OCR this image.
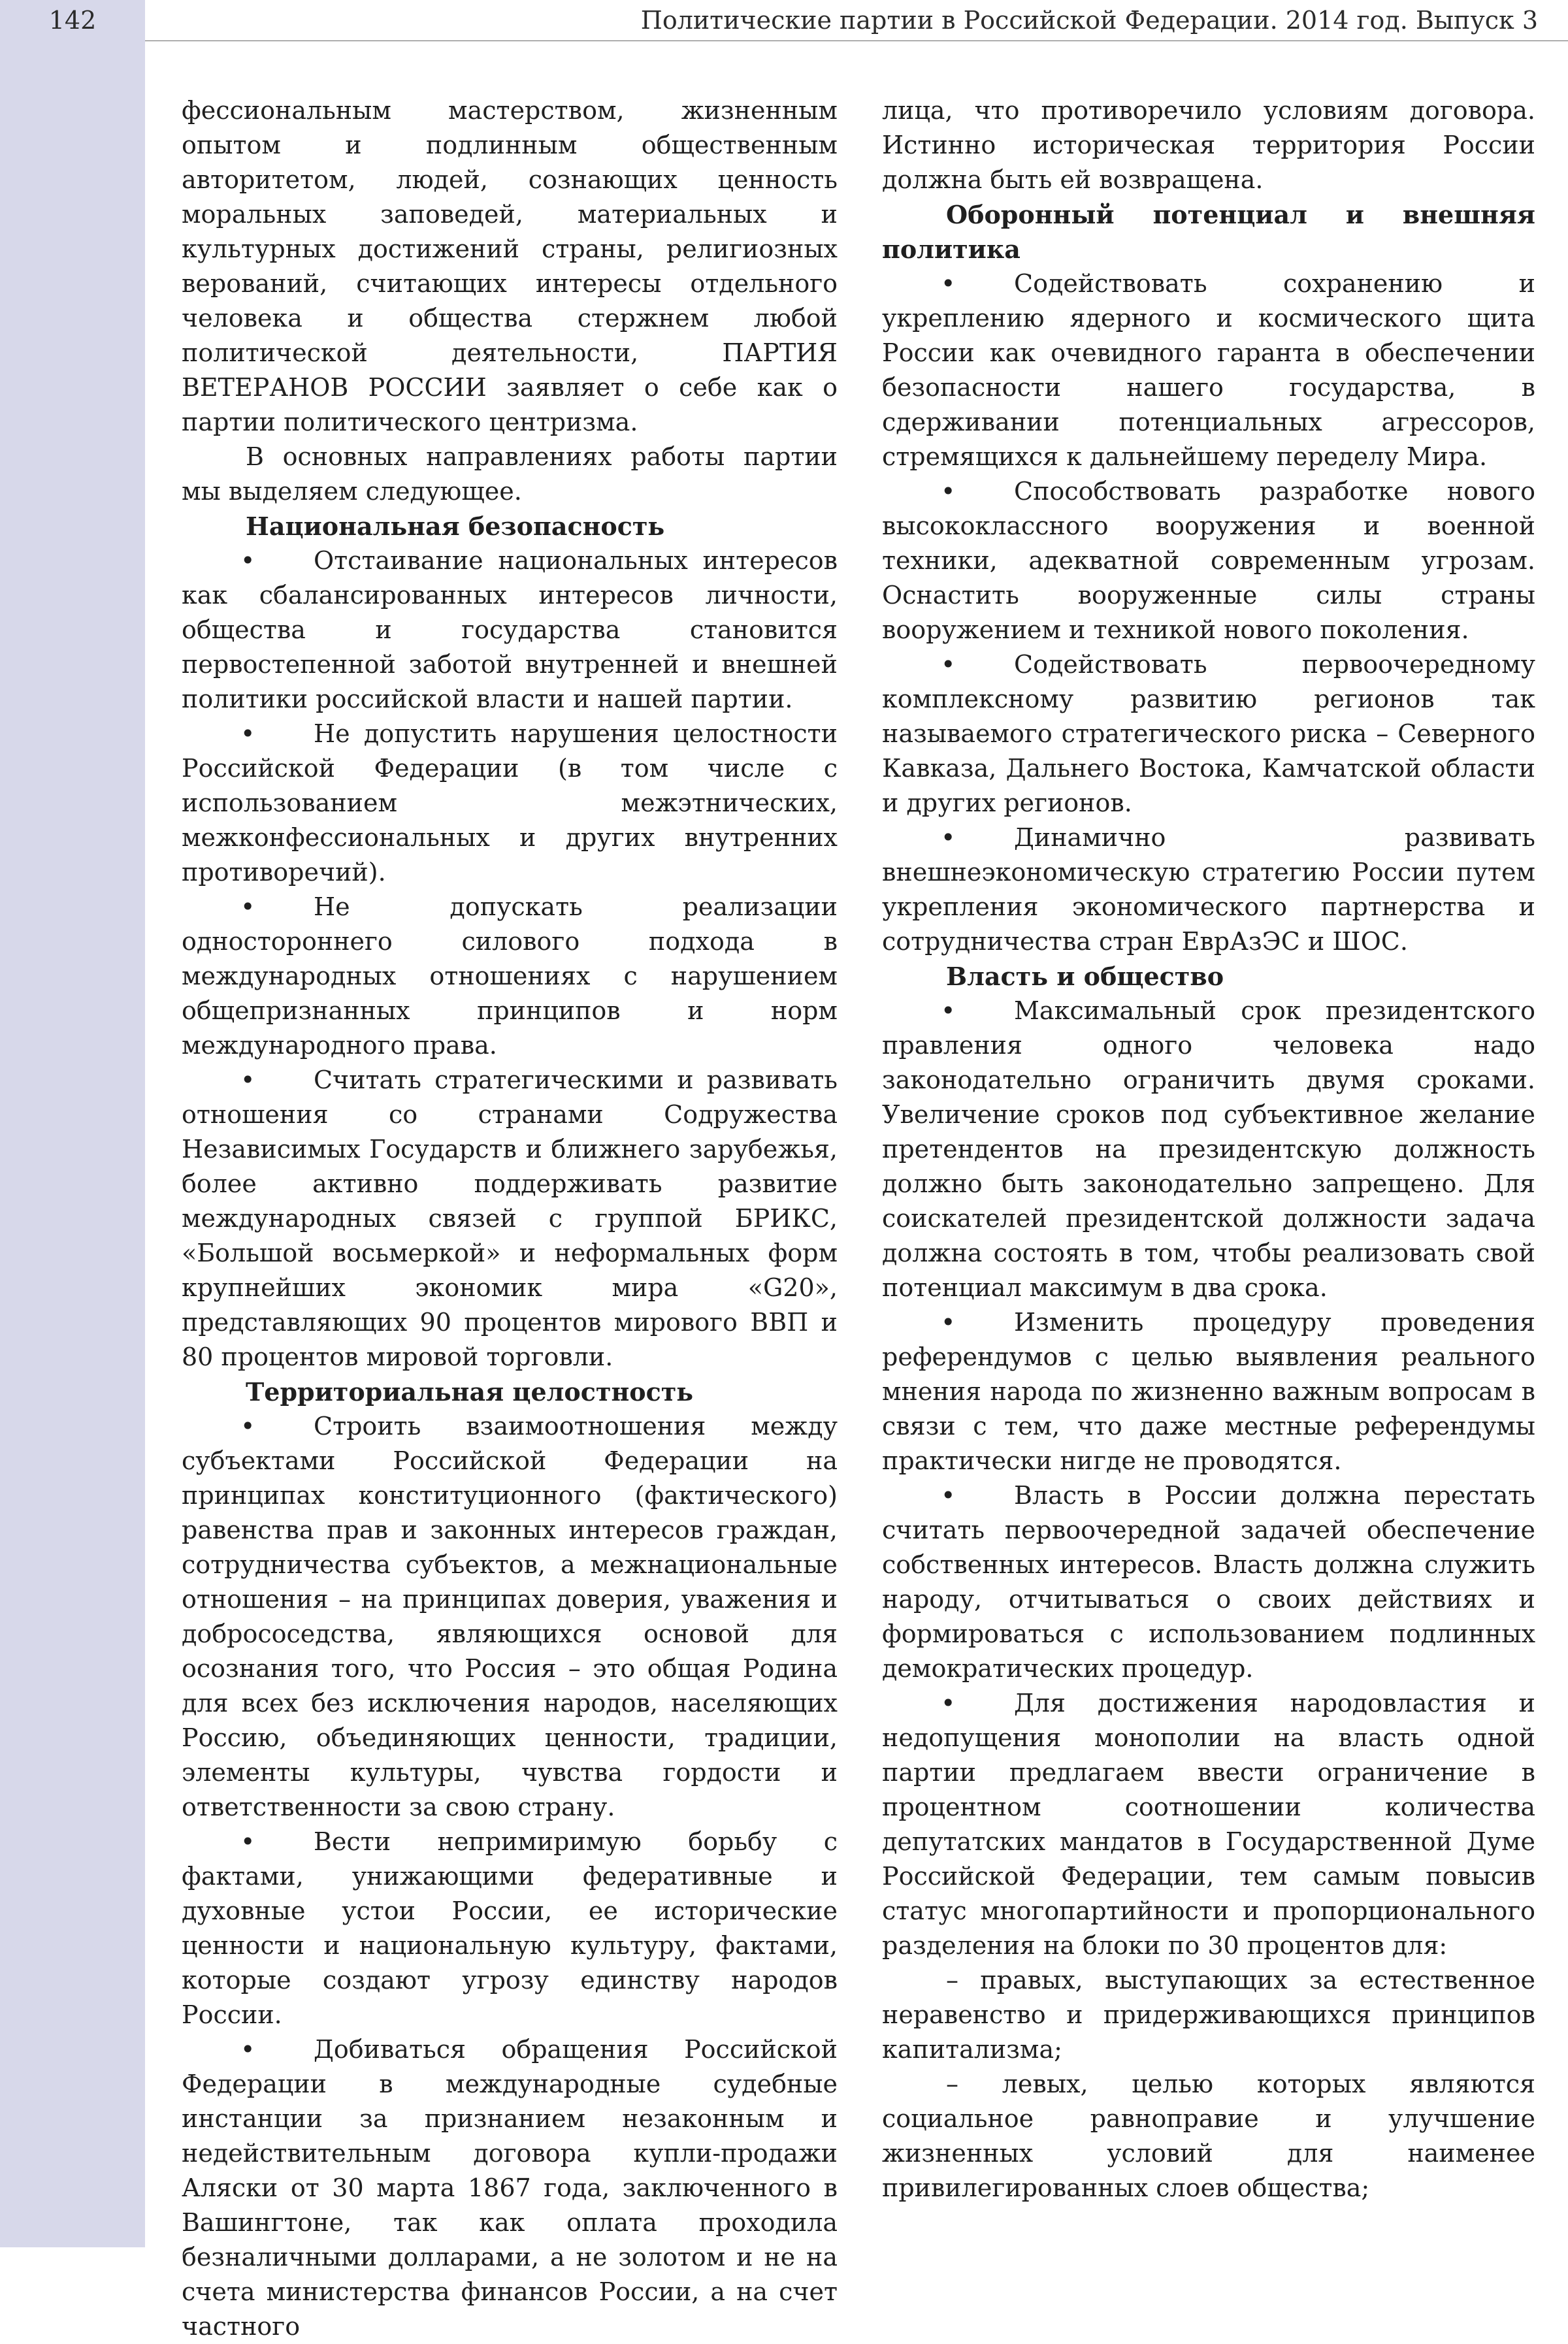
142	Политические партии в Российской Федерации. 2014 год. Выпуск 3

фессиональным мастерством, жизненным опытом и подлинным общественным авторитетом, людей, сознающих ценность моральных заповедей, материальных и культурных достижений страны, религиозных верований, считающих интересы отдельного человека и общества стержнем любой политической деятельности, ПАРТИЯ ВЕТЕРАНОВ РОССИИ заявляет о себе как о партии политического центризма.

В основных направлениях работы партии мы выделяем следующее.

Национальная безопасность

• Отстаивание национальных интересов как сбалансированных интересов личности, общества и государства становится первостепенной заботой внутренней и внешней политики российской власти и нашей партии.

• Не допустить нарушения целостности Российской Федерации (в том числе с использованием межэтнических, межконфессиональных и других внутренних противоречий).

• Не допускать реализации одностороннего силового подхода в международных отношениях с нарушением общепризнанных принципов и норм международного права.

• Считать стратегическими и развивать отношения со странами Содружества Независимых Государств и ближнего зарубежья, более активно поддерживать развитие международных связей с группой БРИКС, «Большой восьмеркой» и неформальных форм крупнейших экономик мира «G20», представляющих 90 процентов мирового ВВП и 80 процентов мировой торговли.

Территориальная целостность

• Строить взаимоотношения между субъектами Российской Федерации на принципах конституционного (фактического) равенства прав и законных интересов граждан, сотрудничества субъектов, а межнациональные отношения – на принципах доверия, уважения и добрососедства, являющихся основой для осознания того, что Россия – это общая Родина для всех без исключения народов, населяющих Россию, объединяющих ценности, традиции, элементы культуры, чувства гордости и ответственности за свою страну.

• Вести непримиримую борьбу с фактами, унижающими федеративные и духовные устои России, ее исторические ценности и национальную культуру, фактами, которые создают угрозу единству народов России.

• Добиваться обращения Российской Федерации в международные судебные инстанции за признанием незаконным и недействительным договора купли-продажи Аляски от 30 марта 1867 года, заключенного в Вашингтоне, так как оплата проходила безналичными долларами, а не золотом и не на счета министерства финансов России, а на счет частного

лица, что противоречило условиям договора. Истинно историческая территория России должна быть ей возвращена.

Оборонный потенциал и внешняя

политика

• Содействовать сохранению и укреплению ядерного и космического щита России как очевидного гаранта в обеспечении безопасности нашего государства, в сдерживании потенциальных агрессоров, стремящихся к дальнейшему переделу Мира.

• Способствовать разработке нового высококлассного вооружения и военной техники, адекватной современным угрозам. Оснастить вооруженные силы страны вооружением и техникой нового поколения.

• Содействовать первоочередному комплексному развитию регионов так называемого стратегического риска – Северного Кавказа, Дальнего Востока, Камчатской области и других регионов.

• Динамично развивать внешнеэкономическую стратегию России путем укрепления экономического партнерства и сотрудничества стран ЕврАзЭС и ШОС.

Власть и общество

• Максимальный срок президентского правления одного человека надо законодательно ограничить двумя сроками. Увеличение сроков под субъективное желание претендентов на президентскую должность должно быть законодательно запрещено. Для соискателей президентской должности задача должна состоять в том, чтобы реализовать свой потенциал максимум в два срока.

• Изменить процедуру проведения референдумов с целью выявления реального мнения народа по жизненно важным вопросам в связи с тем, что даже местные референдумы практически нигде не проводятся.

• Власть в России должна перестать считать первоочередной задачей обеспечение собственных интересов. Власть должна служить народу, отчитываться о своих действиях и формироваться с использованием подлинных демократических процедур.

• Для достижения народовластия и недопущения монополии на власть одной партии предлагаем ввести ограничение в процентном соотношении количества депутатских мандатов в Государственной Думе Российской Федерации, тем самым повысив статус многопартийности и пропорционального разделения на блоки по 30 процентов для:

– правых, выступающих за естественное неравенство и придерживающихся принципов капитализма;

– левых, целью которых являются социальное равноправие и улучшение жизненных условий для наименее привилегированных слоев общества;
